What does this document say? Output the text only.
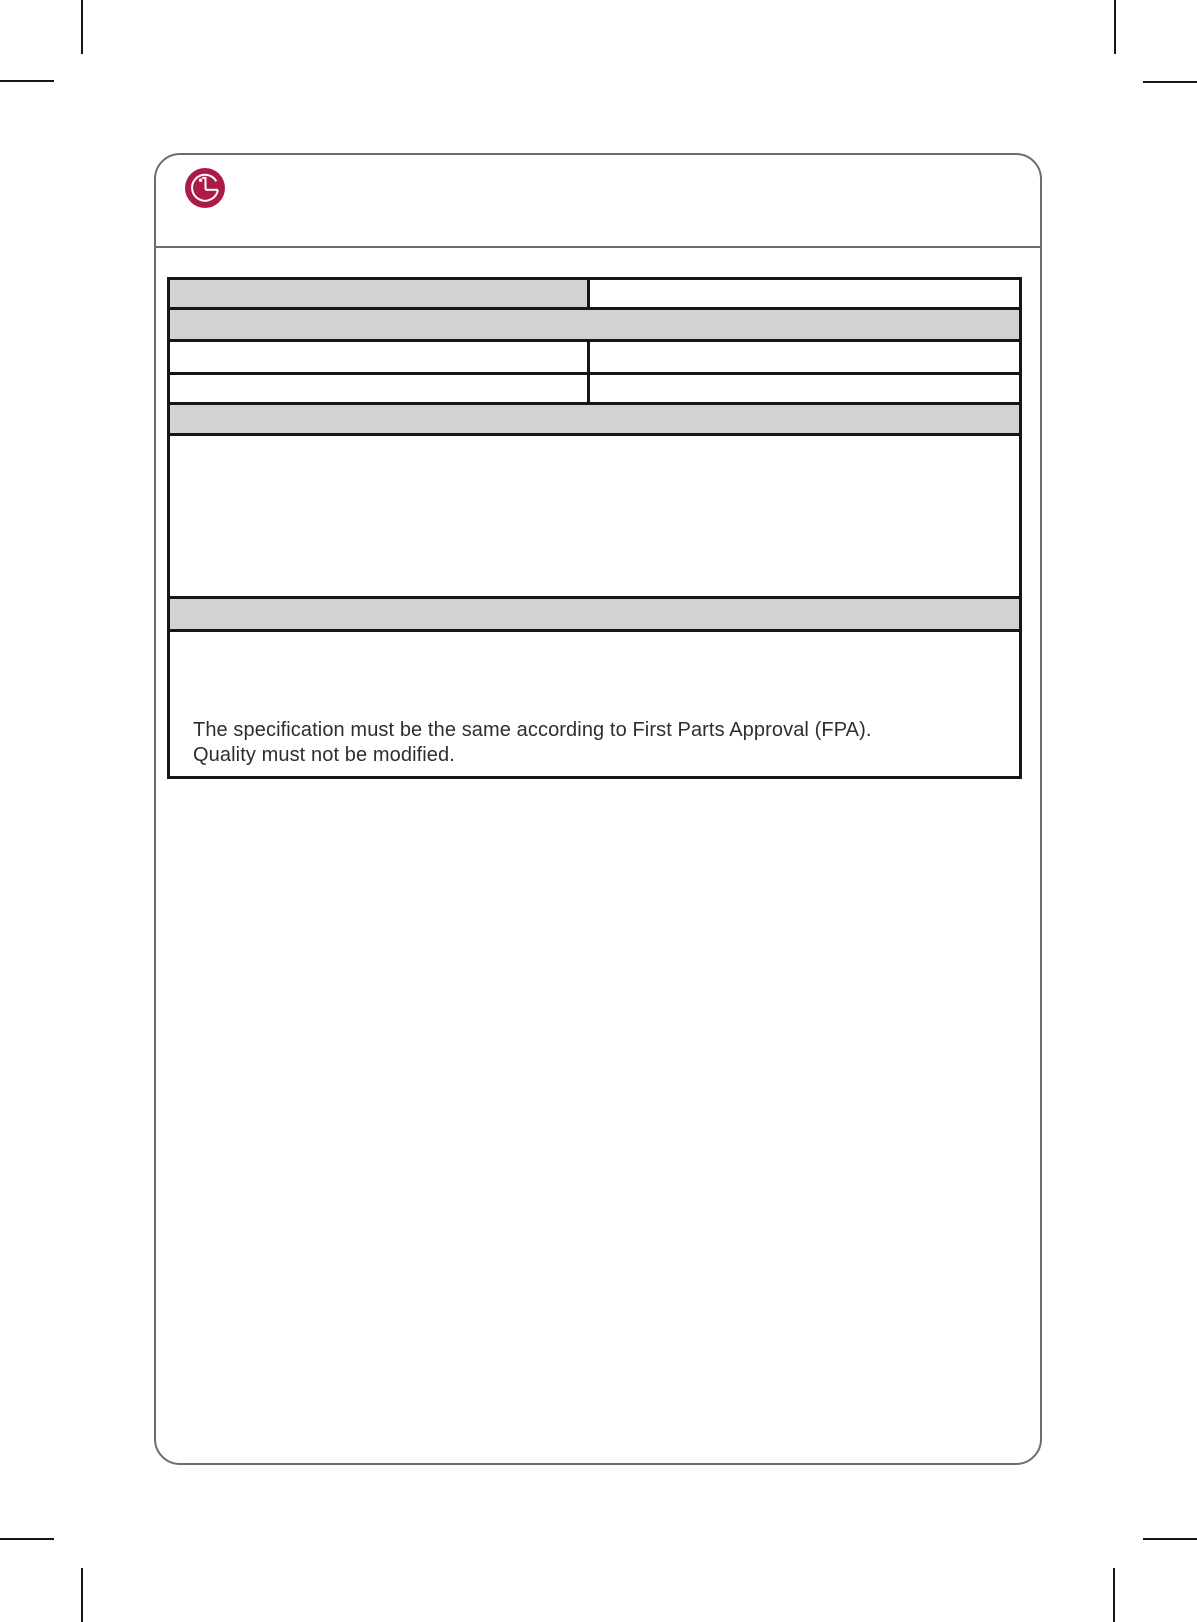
The specification must be the same according to First Parts Approval (FPA).
Quality must not be modified.
